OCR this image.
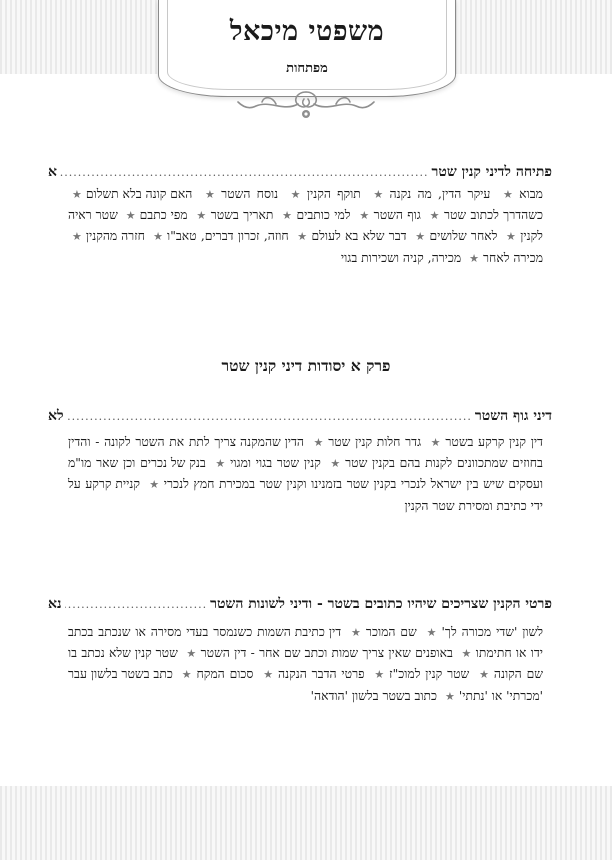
משפטי מיכאל
מפתחות
פתיחה לדיני קנין שטר
.....
א
מבוא★ עיקר הדין, מה נקנה★ תוקף הקנין★ נוסח השטר★ האם קונה בלא תשלום★ כשהדרך לכתוב שטר★ גוף השטר★ למי כותבים★ תאריך בשטר★ מפי כתבם★ שטר ראיה לקנין★ לאחר שלושים★ דבר שלא בא לעולם★ חוזה, זכרון דברים, טאב"ו★ חזרה מהקנין★ מכירה לאחר★ מכירה, קניה ושכירות בגוי
פרק א יסודות דיני קנין שטר
דיני גוף השטר
.....
לא
דין קנין קרקע בשטר★ גדר חלות קנין שטר★ הדין שהמקנה צריך לתת את השטר לקונה - והדין בחוזים שמתכוונים לקנות בהם בקנין שטר★ קנין שטר בגוי ומגוי★ בנק של נכרים וכן שאר מו"מ ועסקים שיש בין ישראל לנכרי בקנין שטר בזמנינו וקנין שטר במכירת חמץ לנכרי★ קניית קרקע על ידי כתיבת ומסירת שטר הקנין
פרטי הקנין שצריכים שיהיו כתובים בשטר - ודיני לשונות השטר
.....
נא
לשון 'שדי מכורה לך'★ שם המוכר★ דין כתיבת השמות כשנמסר בעדי מסירה או שנכתב בכתב ידו או חתימתו★ באופנים שאין צריך שמות וכתב שם אחר - דין השטר★ שטר קנין שלא נכתב בו שם הקונה★ שטר קנין למוכ"ז★ פרטי הדבר הנקנה★ סכום המקח★ כתב בשטר בלשון עבר 'מכרתי' או 'נתתי'★ כתוב בשטר בלשון 'הודאה'
